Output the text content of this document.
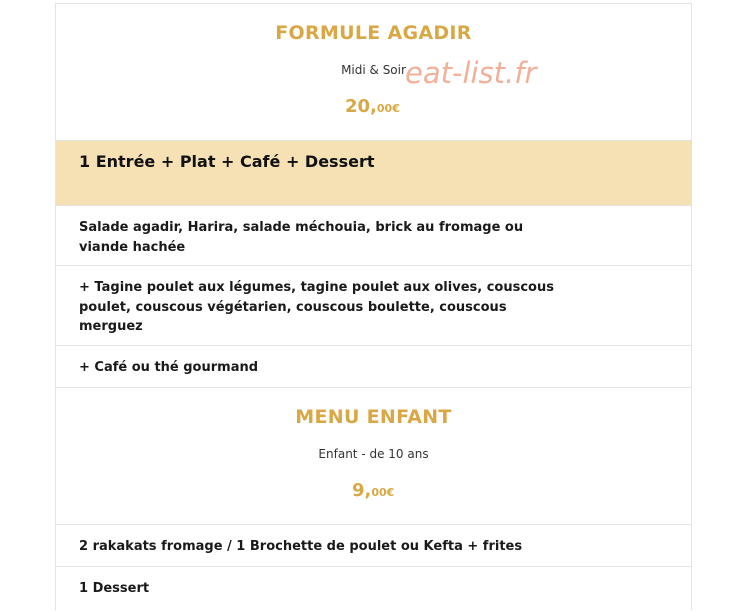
FORMULE AGADIR
Midi & Soir
20,00€
1 Entrée + Plat + Café + Dessert
Salade agadir, Harira, salade méchouia, brick au fromage ou viande hachée
+ Tagine poulet aux légumes, tagine poulet aux olives, couscous poulet, couscous végétarien, couscous boulette, couscous merguez
+ Café ou thé gourmand
MENU ENFANT
Enfant - de 10 ans
9,00€
2 rakakats fromage / 1 Brochette de poulet ou Kefta + frites
1 Dessert
eat-list.fr
